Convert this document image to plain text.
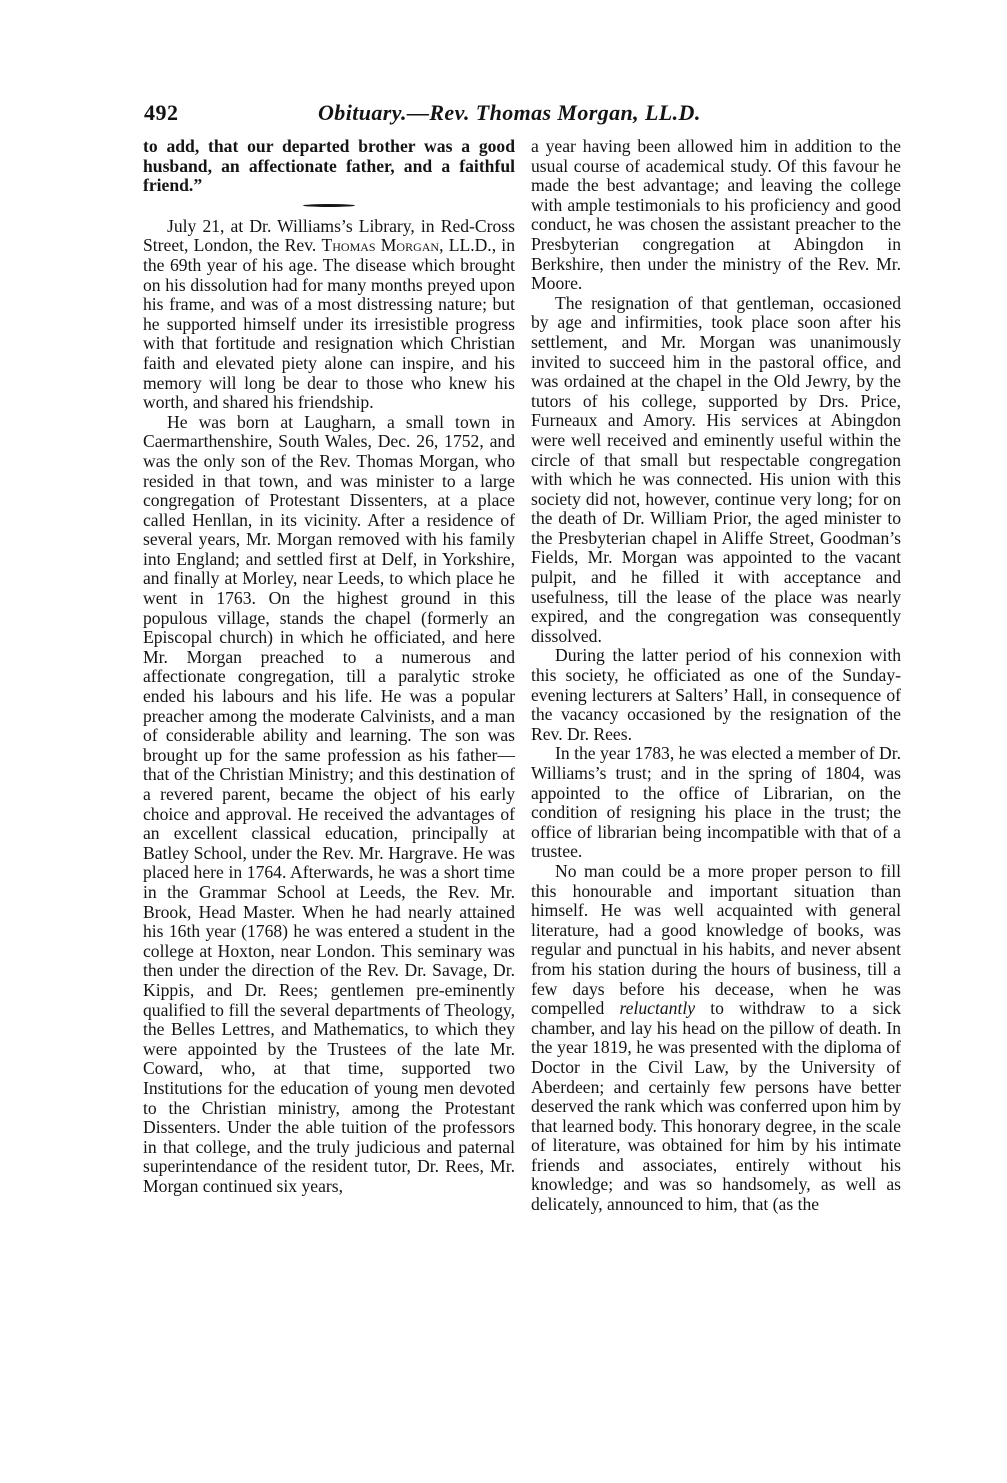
492	Obituary.—Rev. Thomas Morgan, LL.D.

to add, that our departed brother was a good husband, an affectionate father, and a faithful friend.”

July 21, at Dr. Williams’s Library, in Red-Cross Street, London, the Rev. Thomas Morgan, LL.D., in the 69th year of his age. The disease which brought on his dissolution had for many months preyed upon his frame, and was of a most distressing nature; but he supported himself under its irresistible progress with that fortitude and resignation which Christian faith and elevated piety alone can inspire, and his memory will long be dear to those who knew his worth, and shared his friendship.

He was born at Laugharn, a small town in Caermarthenshire, South Wales, Dec. 26, 1752, and was the only son of the Rev. Thomas Morgan, who resided in that town, and was minister to a large congregation of Protestant Dissenters, at a place called Henllan, in its vicinity. After a residence of several years, Mr. Morgan removed with his family into England; and settled first at Delf, in Yorkshire, and finally at Morley, near Leeds, to which place he went in 1763. On the highest ground in this populous village, stands the chapel (formerly an Episcopal church) in which he officiated, and here Mr. Morgan preached to a numerous and affectionate congregation, till a paralytic stroke ended his labours and his life. He was a popular preacher among the moderate Calvinists, and a man of considerable ability and learning. The son was brought up for the same profession as his father—that of the Christian Ministry; and this destination of a revered parent, became the object of his early choice and approval. He received the advantages of an excellent classical education, principally at Batley School, under the Rev. Mr. Hargrave. He was placed here in 1764. Afterwards, he was a short time in the Grammar School at Leeds, the Rev. Mr. Brook, Head Master. When he had nearly attained his 16th year (1768) he was entered a student in the college at Hoxton, near London. This seminary was then under the direction of the Rev. Dr. Savage, Dr. Kippis, and Dr. Rees; gentlemen pre-eminently qualified to fill the several departments of Theology, the Belles Lettres, and Mathematics, to which they were appointed by the Trustees of the late Mr. Coward, who, at that time, supported two Institutions for the education of young men devoted to the Christian ministry, among the Protestant Dissenters. Under the able tuition of the professors in that college, and the truly judicious and paternal superintendance of the resident tutor, Dr. Rees, Mr. Morgan continued six years,

a year having been allowed him in addition to the usual course of academical study. Of this favour he made the best advantage; and leaving the college with ample testimonials to his proficiency and good conduct, he was chosen the assistant preacher to the Presbyterian congregation at Abingdon in Berkshire, then under the ministry of the Rev. Mr. Moore.

The resignation of that gentleman, occasioned by age and infirmities, took place soon after his settlement, and Mr. Morgan was unanimously invited to succeed him in the pastoral office, and was ordained at the chapel in the Old Jewry, by the tutors of his college, supported by Drs. Price, Furneaux and Amory. His services at Abingdon were well received and eminently useful within the circle of that small but respectable congregation with which he was connected. His union with this society did not, however, continue very long; for on the death of Dr. William Prior, the aged minister to the Presbyterian chapel in Aliffe Street, Goodman’s Fields, Mr. Morgan was appointed to the vacant pulpit, and he filled it with acceptance and usefulness, till the lease of the place was nearly expired, and the congregation was consequently dissolved.

During the latter period of his connexion with this society, he officiated as one of the Sunday-evening lecturers at Salters’ Hall, in consequence of the vacancy occasioned by the resignation of the Rev. Dr. Rees.

In the year 1783, he was elected a member of Dr. Williams’s trust; and in the spring of 1804, was appointed to the office of Librarian, on the condition of resigning his place in the trust; the office of librarian being incompatible with that of a trustee.

No man could be a more proper person to fill this honourable and important situation than himself. He was well acquainted with general literature, had a good knowledge of books, was regular and punctual in his habits, and never absent from his station during the hours of business, till a few days before his decease, when he was compelled reluctantly to withdraw to a sick chamber, and lay his head on the pillow of death. In the year 1819, he was presented with the diploma of Doctor in the Civil Law, by the University of Aberdeen; and certainly few persons have better deserved the rank which was conferred upon him by that learned body. This honorary degree, in the scale of literature, was obtained for him by his intimate friends and associates, entirely without his knowledge; and was so handsomely, as well as delicately, announced to him, that (as the
